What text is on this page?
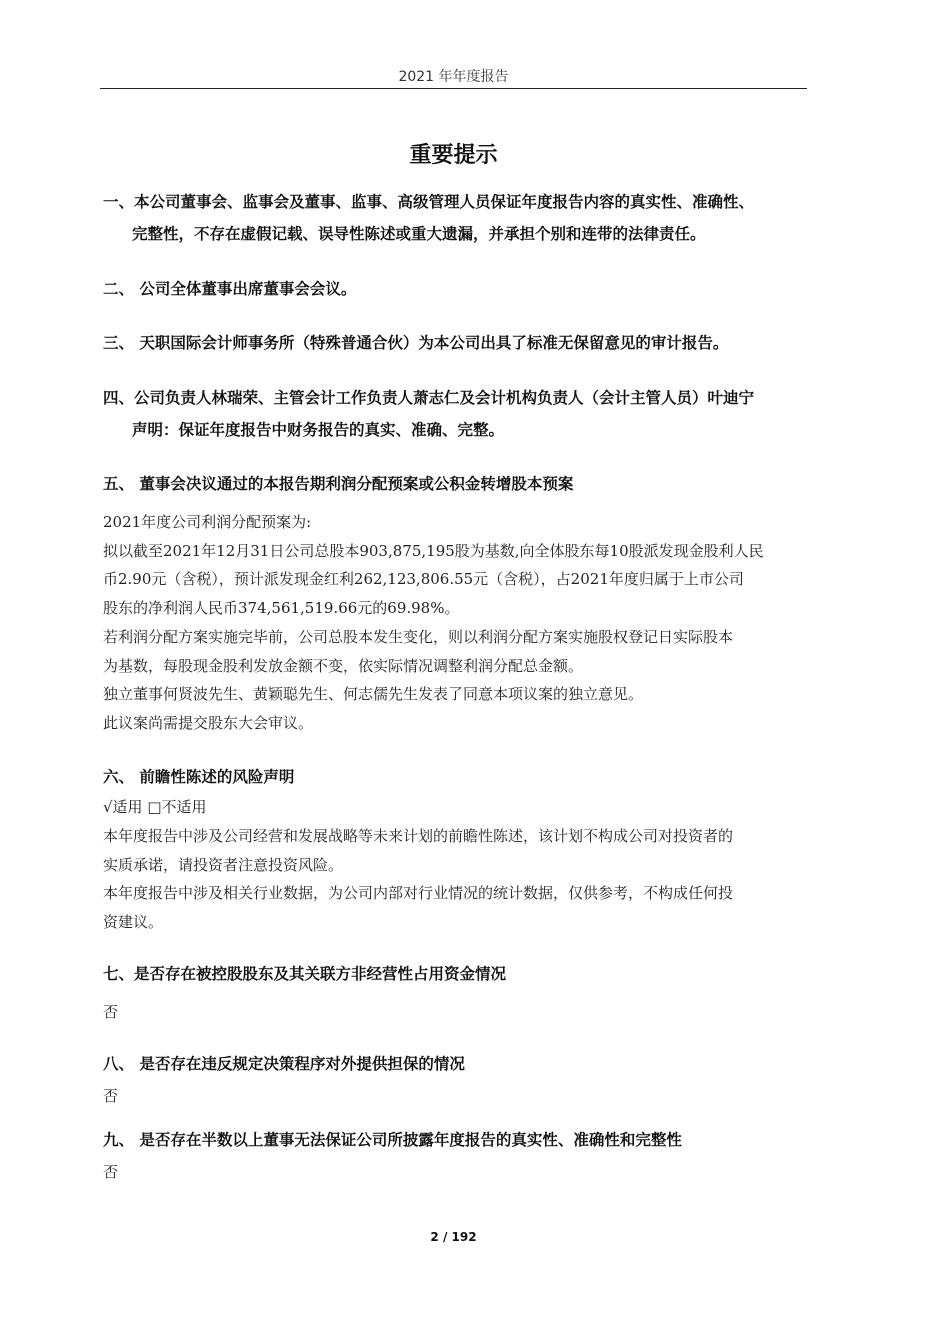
2021 年年度报告
重要提示
一、本公司董事会、监事会及董事、监事、高级管理人员保证年度报告内容的真实性、准确性、
完整性，不存在虚假记载、误导性陈述或重大遗漏，并承担个别和连带的法律责任。
二、 公司全体董事出席董事会会议。
三、 天职国际会计师事务所（特殊普通合伙）为本公司出具了标准无保留意见的审计报告。
四、公司负责人林瑞荣、主管会计工作负责人萧志仁及会计机构负责人（会计主管人员）叶迪宁
声明：保证年度报告中财务报告的真实、准确、完整。
五、 董事会决议通过的本报告期利润分配预案或公积金转增股本预案
2021年度公司利润分配预案为:
拟以截至2021年12月31日公司总股本903,875,195股为基数,向全体股东每10股派发现金股利人民
币2.90元（含税），预计派发现金红利262,123,806.55元（含税），占2021年度归属于上市公司
股东的净利润人民币374,561,519.66元的69.98%。
若利润分配方案实施完毕前，公司总股本发生变化，则以利润分配方案实施股权登记日实际股本
为基数，每股现金股利发放金额不变，依实际情况调整利润分配总金额。
独立董事何贤波先生、黄颖聪先生、何志儒先生发表了同意本项议案的独立意见。
此议案尚需提交股东大会审议。
六、 前瞻性陈述的风险声明
√适用 □不适用
本年度报告中涉及公司经营和发展战略等未来计划的前瞻性陈述，该计划不构成公司对投资者的
实质承诺，请投资者注意投资风险。
本年度报告中涉及相关行业数据，为公司内部对行业情况的统计数据，仅供参考，不构成任何投
资建议。
七、是否存在被控股股东及其关联方非经营性占用资金情况
否
八、 是否存在违反规定决策程序对外提供担保的情况
否
九、 是否存在半数以上董事无法保证公司所披露年度报告的真实性、准确性和完整性
否
2 / 192
